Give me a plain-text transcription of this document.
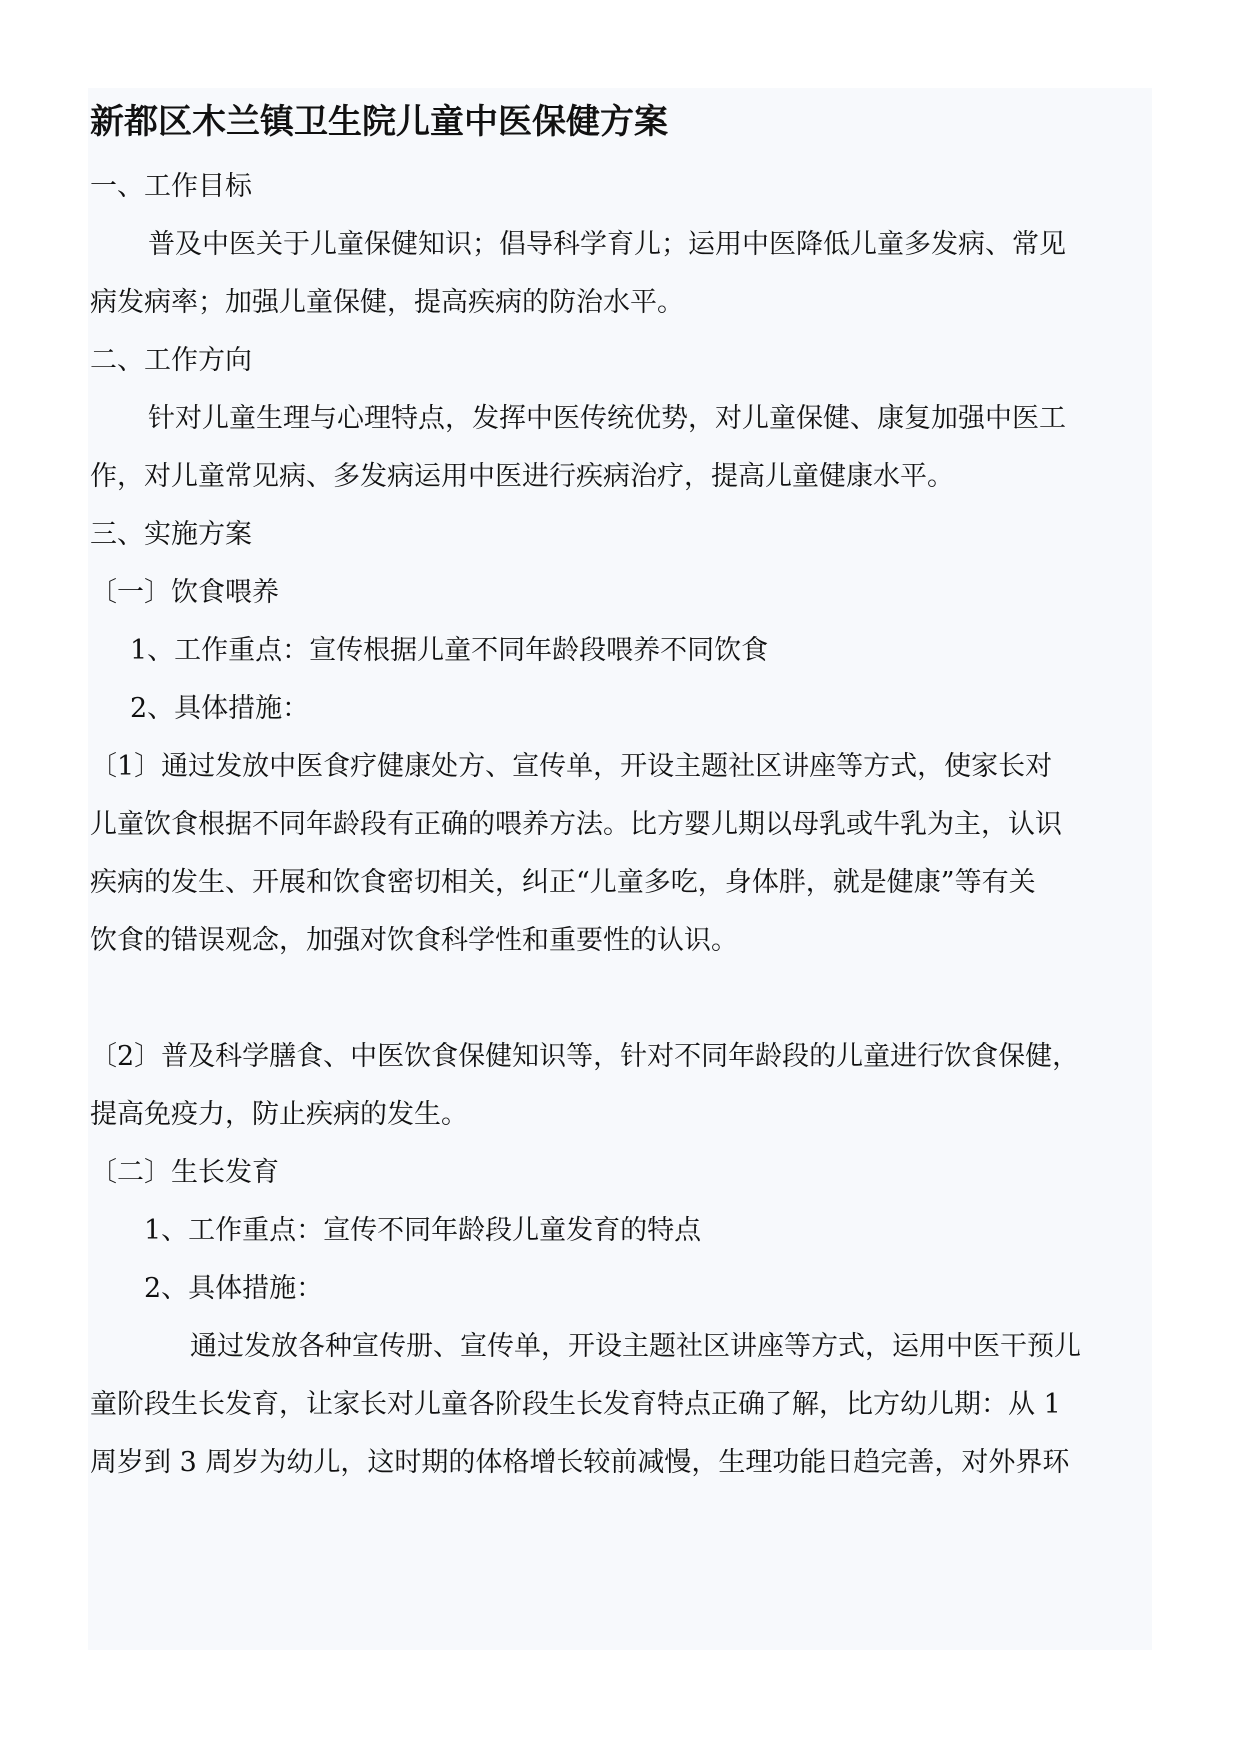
新都区木兰镇卫生院儿童中医保健方案

一、工作目标

普及中医关于儿童保健知识；倡导科学育儿；运用中医降低儿童多发病、常见

病发病率；加强儿童保健，提高疾病的防治水平。

二、工作方向

针对儿童生理与心理特点，发挥中医传统优势，对儿童保健、康复加强中医工

作，对儿童常见病、多发病运用中医进行疾病治疗，提高儿童健康水平。

三、实施方案

〔一〕饮食喂养

1、工作重点：宣传根据儿童不同年龄段喂养不同饮食

2、具体措施：

〔1〕通过发放中医食疗健康处方、宣传单，开设主题社区讲座等方式，使家长对

儿童饮食根据不同年龄段有正确的喂养方法。比方婴儿期以母乳或牛乳为主，认识

疾病的发生、开展和饮食密切相关，纠正“儿童多吃，身体胖，就是健康”等有关

饮食的错误观念，加强对饮食科学性和重要性的认识。

〔2〕普及科学膳食、中医饮食保健知识等，针对不同年龄段的儿童进行饮食保健，

提高免疫力，防止疾病的发生。

〔二〕生长发育

1、工作重点：宣传不同年龄段儿童发育的特点

2、具体措施：

通过发放各种宣传册、宣传单，开设主题社区讲座等方式，运用中医干预儿

童阶段生长发育，让家长对儿童各阶段生长发育特点正确了解，比方幼儿期：从 1

周岁到 3 周岁为幼儿，这时期的体格增长较前减慢，生理功能日趋完善，对外界环
